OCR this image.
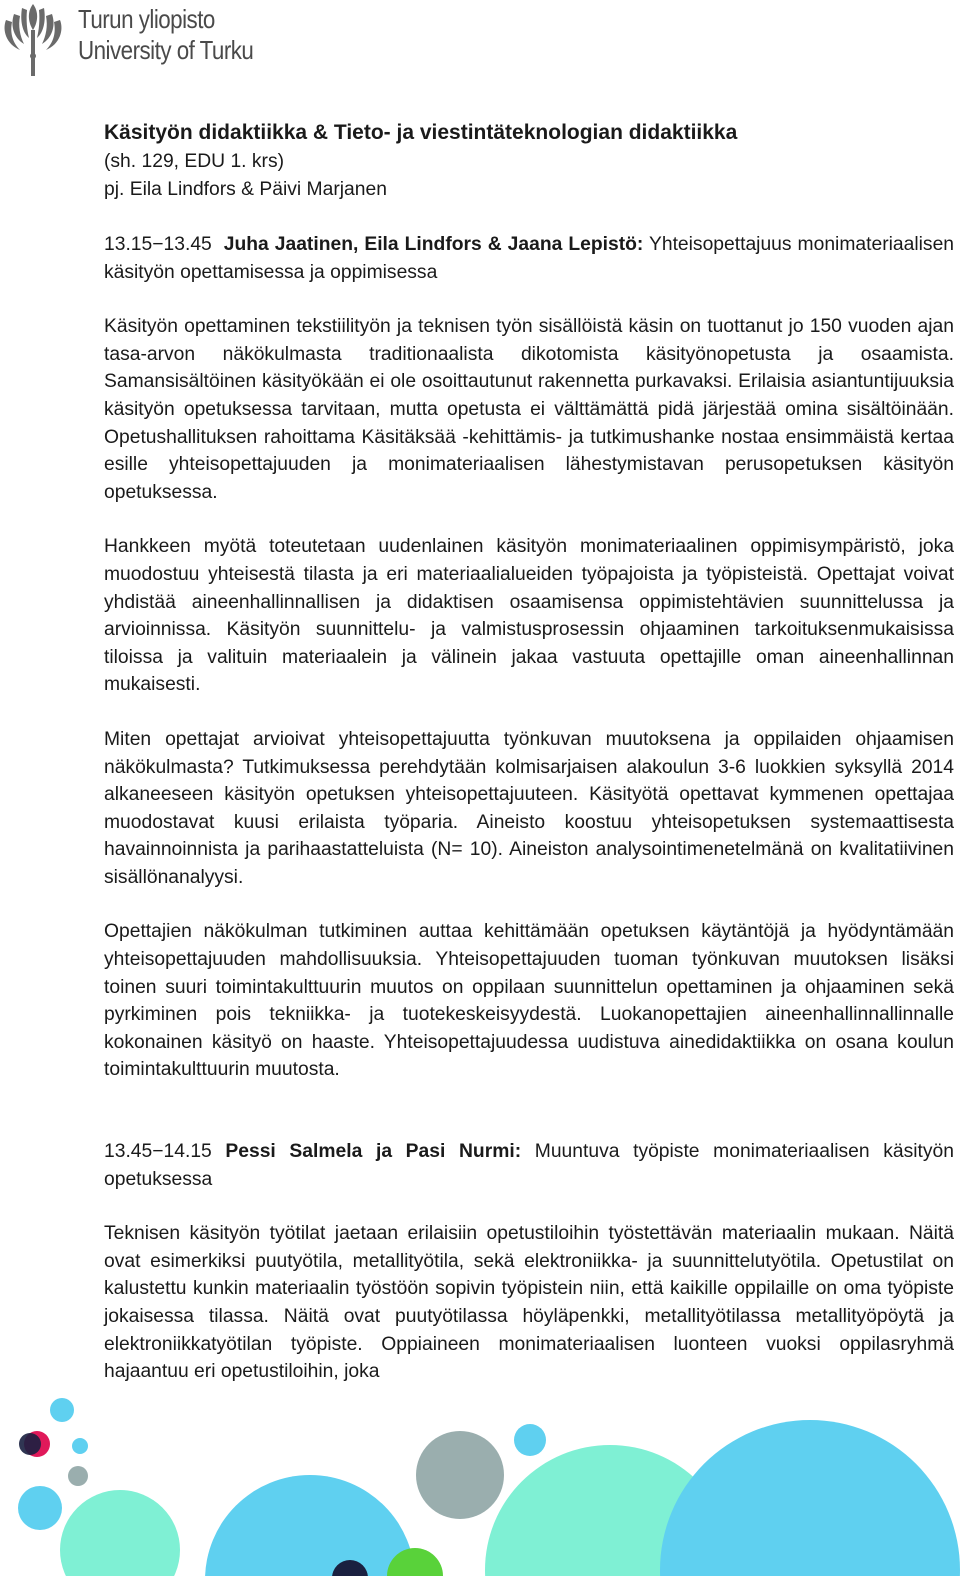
Turun yliopisto
University of Turku
Käsityön didaktiikka & Tieto- ja viestintäteknologian didaktiikka
(sh. 129, EDU 1. krs)
pj. Eila Lindfors & Päivi Marjanen
13.15−13.45 Juha Jaatinen, Eila Lindfors & Jaana Lepistö: Yhteisopettajuus monimateriaalisen käsityön opettamisessa ja oppimisessa

Käsityön opettaminen tekstiilityön ja teknisen työn sisällöistä käsin on tuottanut jo 150 vuoden ajan tasa-arvon näkökulmasta traditionaalista dikotomista käsityönopetusta ja osaamista. Samansisältöinen käsityökään ei ole osoittautunut rakennetta purkavaksi. Erilaisia asiantuntijuuksia käsityön opetuksessa tarvitaan, mutta opetusta ei välttämättä pidä järjestää omina sisältöinään. Opetushallituksen rahoittama Käsitäksää -kehittämis- ja tutkimushanke nostaa ensimmäistä kertaa esille yhteisopettajuuden ja monimateriaalisen lähestymistavan perusopetuksen käsityön opetuksessa.

Hankkeen myötä toteutetaan uudenlainen käsityön monimateriaalinen oppimisympäristö, joka muodostuu yhteisestä tilasta ja eri materiaalialueiden työpajoista ja työpisteistä. Opettajat voivat yhdistää aineenhallinnallisen ja didaktisen osaamisensa oppimistehtävien suunnittelussa ja arvioinnissa. Käsityön suunnittelu- ja valmistusprosessin ohjaaminen tarkoituksenmukaisissa tiloissa ja valituin materiaalein ja välinein jakaa vastuuta opettajille oman aineenhallinnan mukaisesti.

Miten opettajat arvioivat yhteisopettajuutta työnkuvan muutoksena ja oppilaiden ohjaamisen näkökulmasta? Tutkimuksessa perehdytään kolmisarjaisen alakoulun 3-6 luokkien syksyllä 2014 alkaneeseen käsityön opetuksen yhteisopettajuuteen. Käsityötä opettavat kymmenen opettajaa muodostavat kuusi erilaista työparia. Aineisto koostuu yhteisopetuksen systemaattisesta havainnoinnista ja parihaastatteluista (N= 10). Aineiston analysointimenetelmänä on kvalitatiivinen sisällönanalyysi.

Opettajien näkökulman tutkiminen auttaa kehittämään opetuksen käytäntöjä ja hyödyntämään yhteisopettajuuden mahdollisuuksia. Yhteisopettajuuden tuoman työnkuvan muutoksen lisäksi toinen suuri toimintakulttuurin muutos on oppilaan suunnittelun opettaminen ja ohjaaminen sekä pyrkiminen pois tekniikka- ja tuotekeskeisyydestä. Luokanopettajien aineenhallinnallinnalle kokonainen käsityö on haaste. Yhteisopettajuudessa uudistuva ainedidaktiikka on osana koulun toimintakulttuurin muutosta.

13.45−14.15 Pessi Salmela ja Pasi Nurmi: Muuntuva työpiste monimateriaalisen käsityön opetuksessa

Teknisen käsityön työtilat jaetaan erilaisiin opetustiloihin työstettävän materiaalin mukaan. Näitä ovat esimerkiksi puutyötila, metallityötila, sekä elektroniikka- ja suunnittelutyötila. Opetustilat on kalustettu kunkin materiaalin työstöön sopivin työpistein niin, että kaikille oppilaille on oma työpiste jokaisessa tilassa. Näitä ovat puutyötilassa höyläpenkki, metallityötilassa metallityöpöytä ja elektroniikkatyötilan työpiste. Oppiaineen monimateriaalisen luonteen vuoksi oppilasryhmä hajaantuu eri opetustiloihin, joka
